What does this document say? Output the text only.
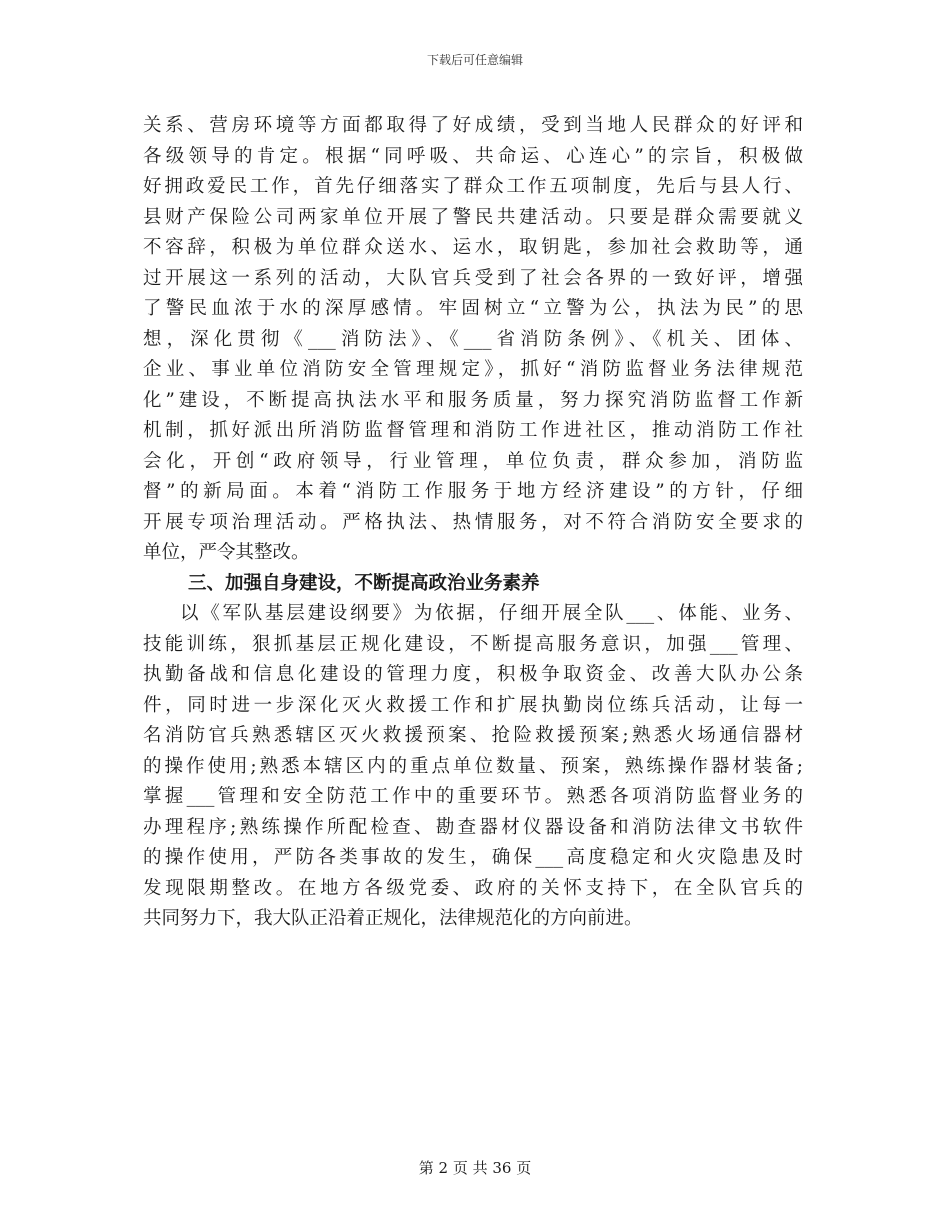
下载后可任意编辑
关系、营房环境等方面都取得了好成绩，受到当地人民群众的好评和
各级领导的肯定。根据“同呼吸、共命运、心连心”的宗旨，积极做
好拥政爱民工作，首先仔细落实了群众工作五项制度，先后与县人行、
县财产保险公司两家单位开展了警民共建活动。只要是群众需要就义
不容辞，积极为单位群众送水、运水，取钥匙，参加社会救助等，通
过开展这一系列的活动，大队官兵受到了社会各界的一致好评，增强
了警民血浓于水的深厚感情。牢固树立“立警为公，执法为民”的思
想，深化贯彻《___消防法》、《___省消防条例》、《机关、团体、
企业、事业单位消防安全管理规定》，抓好“消防监督业务法律规范
化”建设，不断提高执法水平和服务质量，努力探究消防监督工作新
机制，抓好派出所消防监督管理和消防工作进社区，推动消防工作社
会化，开创“政府领导，行业管理，单位负责，群众参加，消防监
督”的新局面。本着“消防工作服务于地方经济建设”的方针，仔细
开展专项治理活动。严格执法、热情服务，对不符合消防安全要求的
单位，严令其整改。
三、加强自身建设，不断提高政治业务素养
以《军队基层建设纲要》为依据，仔细开展全队___、体能、业务、
技能训练，狠抓基层正规化建设，不断提高服务意识，加强___管理、
执勤备战和信息化建设的管理力度，积极争取资金、改善大队办公条
件，同时进一步深化灭火救援工作和扩展执勤岗位练兵活动，让每一
名消防官兵熟悉辖区灭火救援预案、抢险救援预案;熟悉火场通信器材
的操作使用;熟悉本辖区内的重点单位数量、预案，熟练操作器材装备;
掌握___管理和安全防范工作中的重要环节。熟悉各项消防监督业务的
办理程序;熟练操作所配检查、勘查器材仪器设备和消防法律文书软件
的操作使用，严防各类事故的发生，确保___高度稳定和火灾隐患及时
发现限期整改。在地方各级党委、政府的关怀支持下，在全队官兵的
共同努力下，我大队正沿着正规化，法律规范化的方向前进。
第 2 页 共 36 页
